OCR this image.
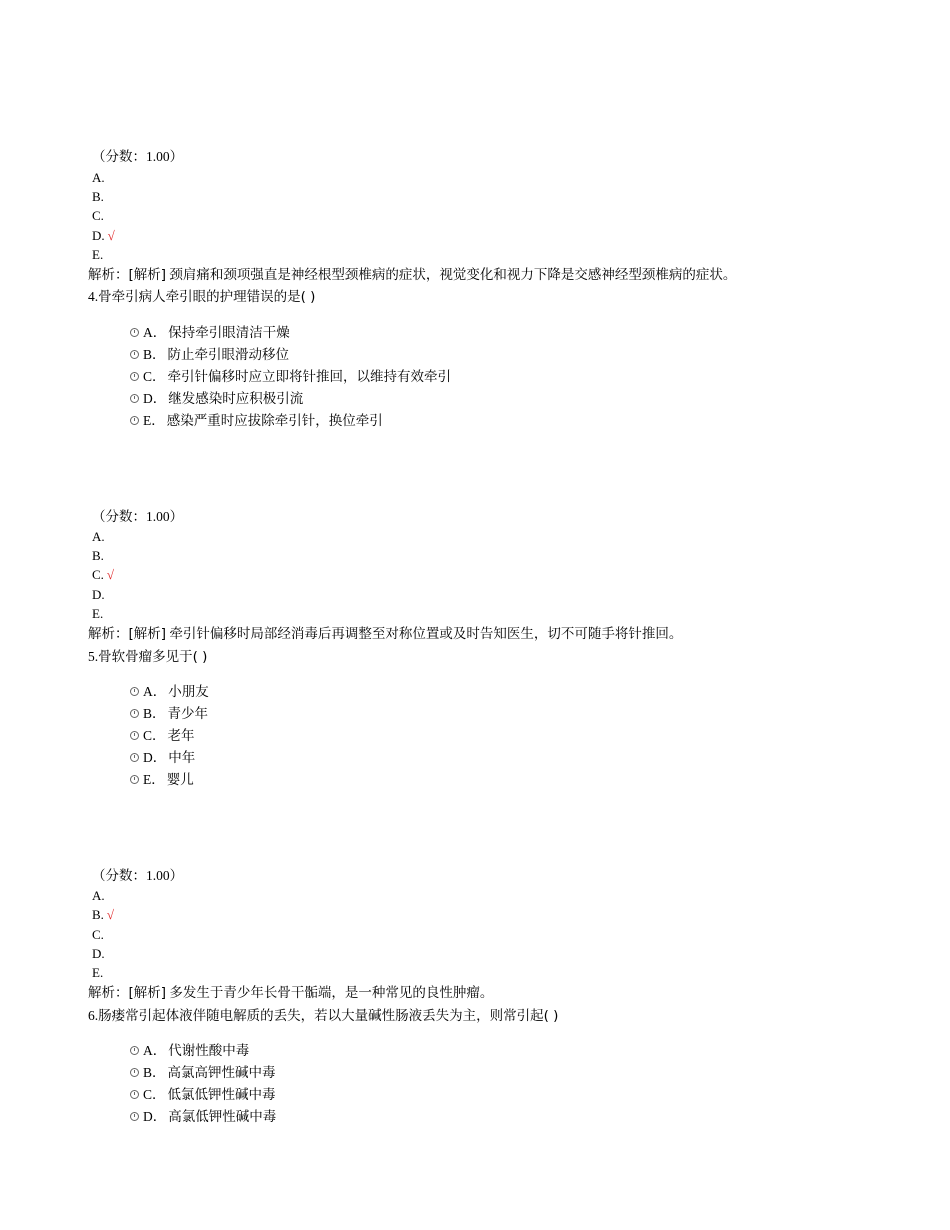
（分数：1.00）
A.
B.
C.
D. √
E.
解析：[解析] 颈肩痛和颈项强直是神经根型颈椎病的症状，视觉变化和视力下降是交感神经型颈椎病的症状。
4.骨牵引病人牵引眼的护理错误的是( )
A． 保持牵引眼清洁干燥
B． 防止牵引眼滑动移位
C． 牵引针偏移时应立即将针推回，以维持有效牵引
D． 继发感染时应积极引流
E． 感染严重时应拔除牵引针，换位牵引
（分数：1.00）
A.
B.
C. √
D.
E.
解析：[解析] 牵引针偏移时局部经消毒后再调整至对称位置或及时告知医生，切不可随手将针推回。
5.骨软骨瘤多见于( )
A． 小朋友
B． 青少年
C． 老年
D． 中年
E． 婴儿
（分数：1.00）
A.
B. √
C.
D.
E.
解析：[解析] 多发生于青少年长骨干骺端，是一种常见的良性肿瘤。
6.肠瘘常引起体液伴随电解质的丢失，若以大量碱性肠液丢失为主，则常引起( )
A． 代谢性酸中毒
B． 高氯高钾性碱中毒
C． 低氯低钾性碱中毒
D． 高氯低钾性碱中毒
